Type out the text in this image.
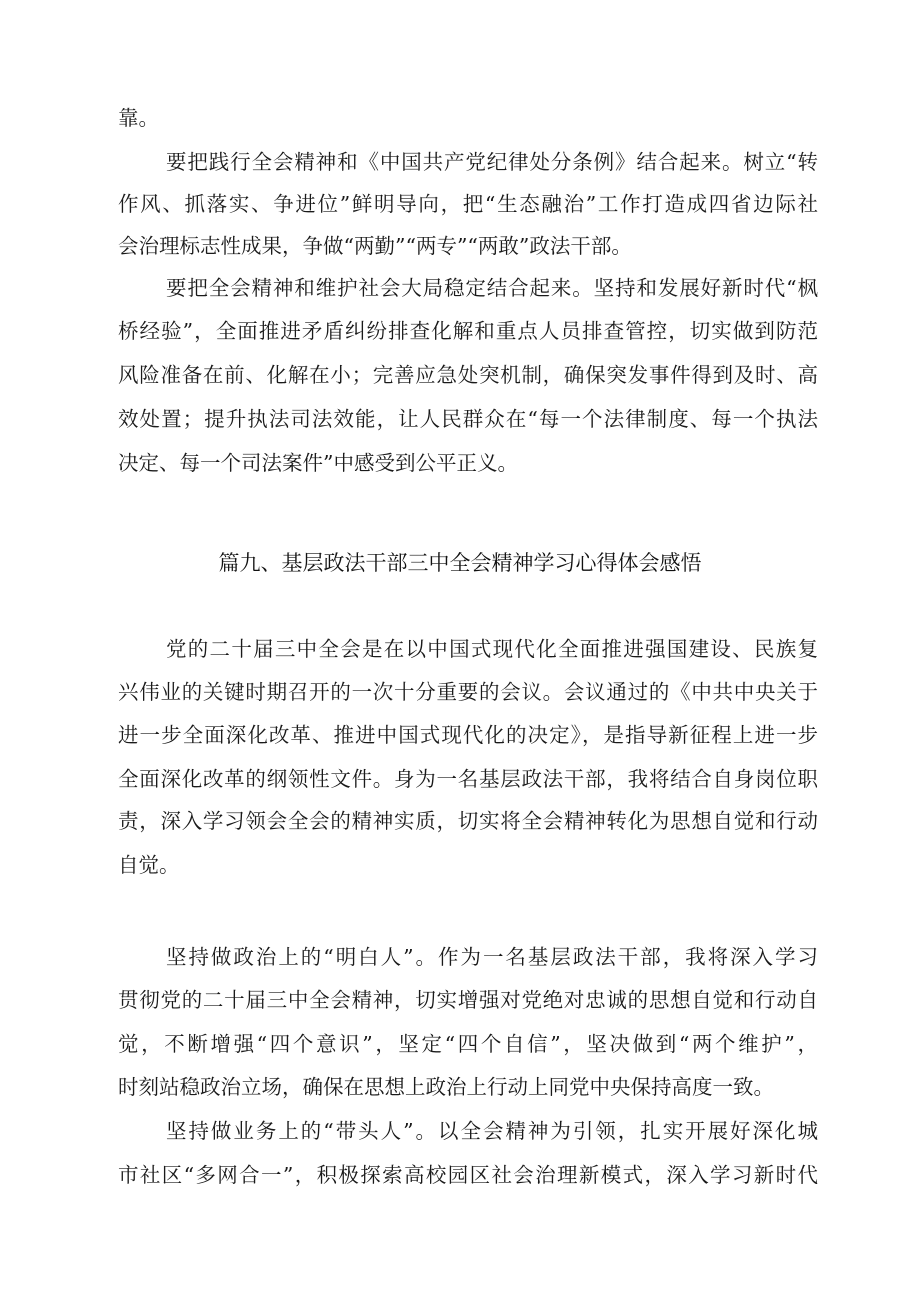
靠。
要把践行全会精神和《中国共产党纪律处分条例》结合起来。树立“转
作风、抓落实、争进位”鲜明导向，把“生态融治”工作打造成四省边际社
会治理标志性成果，争做“两勤”“两专”“两敢”政法干部。
要把全会精神和维护社会大局稳定结合起来。坚持和发展好新时代“枫
桥经验”，全面推进矛盾纠纷排查化解和重点人员排查管控，切实做到防范
风险准备在前、化解在小；完善应急处突机制，确保突发事件得到及时、高
效处置；提升执法司法效能，让人民群众在“每一个法律制度、每一个执法
决定、每一个司法案件”中感受到公平正义。
篇九、基层政法干部三中全会精神学习心得体会感悟
党的二十届三中全会是在以中国式现代化全面推进强国建设、民族复
兴伟业的关键时期召开的一次十分重要的会议。会议通过的《中共中央关于
进一步全面深化改革、推进中国式现代化的决定》，是指导新征程上进一步
全面深化改革的纲领性文件。身为一名基层政法干部，我将结合自身岗位职
责，深入学习领会全会的精神实质，切实将全会精神转化为思想自觉和行动
自觉。
坚持做政治上的“明白人”。作为一名基层政法干部，我将深入学习
贯彻党的二十届三中全会精神，切实增强对党绝对忠诚的思想自觉和行动自
觉，不断增强“四个意识”，坚定“四个自信”，坚决做到“两个维护”，
时刻站稳政治立场，确保在思想上政治上行动上同党中央保持高度一致。
坚持做业务上的“带头人”。以全会精神为引领，扎实开展好深化城
市社区“多网合一”，积极探索高校园区社会治理新模式，深入学习新时代
